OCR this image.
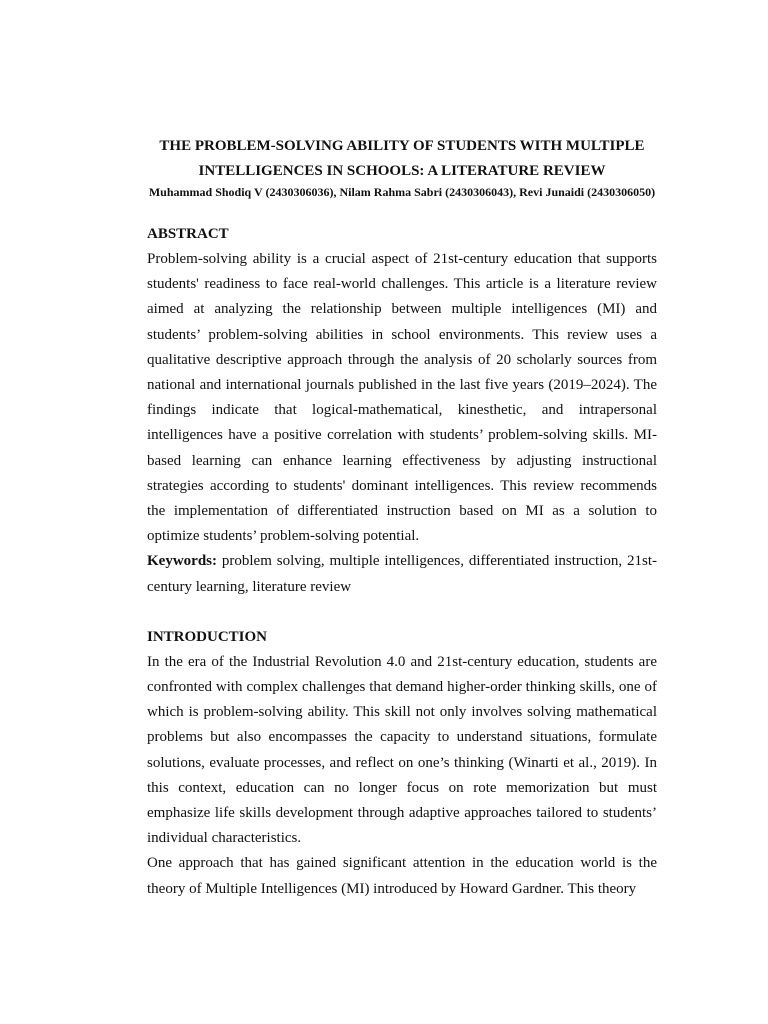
THE PROBLEM-SOLVING ABILITY OF STUDENTS WITH MULTIPLE
INTELLIGENCES IN SCHOOLS: A LITERATURE REVIEW

Muhammad Shodiq V (2430306036), Nilam Rahma Sabri (2430306043), Revi Junaidi (2430306050)

ABSTRACT

Problem-solving ability is a crucial aspect of 21st-century education that supports students' readiness to face real-world challenges. This article is a literature review aimed at analyzing the relationship between multiple intelligences (MI) and students’ problem-solving abilities in school environments. This review uses a qualitative descriptive approach through the analysis of 20 scholarly sources from national and international journals published in the last five years (2019–2024). The findings indicate that logical-mathematical, kinesthetic, and intrapersonal intelligences have a positive correlation with students’ problem-solving skills. MI-based learning can enhance learning effectiveness by adjusting instructional strategies according to students' dominant intelligences. This review recommends the implementation of differentiated instruction based on MI as a solution to optimize students’ problem-solving potential.

Keywords: problem solving, multiple intelligences, differentiated instruction, 21st-century learning, literature review

INTRODUCTION

In the era of the Industrial Revolution 4.0 and 21st-century education, students are confronted with complex challenges that demand higher-order thinking skills, one of which is problem-solving ability. This skill not only involves solving mathematical problems but also encompasses the capacity to understand situations, formulate solutions, evaluate processes, and reflect on one’s thinking (Winarti et al., 2019). In this context, education can no longer focus on rote memorization but must emphasize life skills development through adaptive approaches tailored to students’ individual characteristics.

One approach that has gained significant attention in the education world is the theory of Multiple Intelligences (MI) introduced by Howard Gardner. This theory
